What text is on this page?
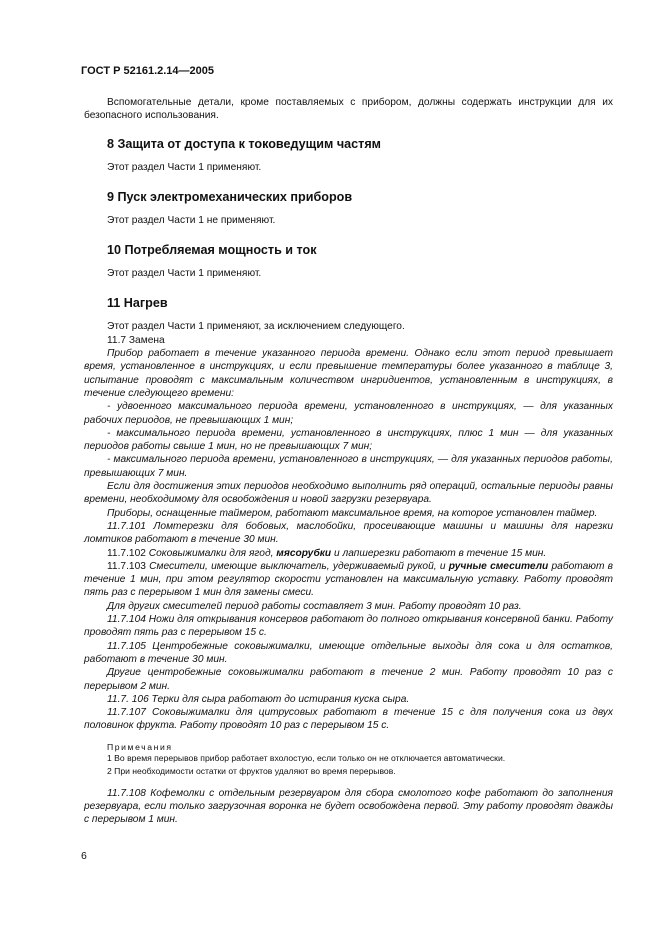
ГОСТ Р 52161.2.14—2005

Вспомогательные детали, кроме поставляемых с прибором, должны содержать инструкции для их безопасного использования.

8 Защита от доступа к токоведущим частям

Этот раздел Части 1 применяют.

9 Пуск электромеханических приборов

Этот раздел Части 1 не применяют.

10 Потребляемая мощность и ток

Этот раздел Части 1 применяют.

11 Нагрев

Этот раздел Части 1 применяют, за исключением следующего.

11.7 Замена

Прибор работает в течение указанного периода времени. Однако если этот период превышает время, установленное в инструкциях, и если превышение температуры более указанного в таблице 3, испытание проводят с максимальным количеством ингридиентов, установленным в инструкциях, в течение следующего времени:

- удвоенного максимального периода времени, установленного в инструкциях, — для указанных рабочих периодов, не превышающих 1 мин;

- максимального периода времени, установленного в инструкциях, плюс 1 мин — для указанных периодов работы свыше 1 мин, но не превышающих 7 мин;

- максимального периода времени, установленного в инструкциях, — для указанных периодов работы, превышающих 7 мин.

Если для достижения этих периодов необходимо выполнить ряд операций, остальные периоды равны времени, необходимому для освобождения и новой загрузки резервуара.

Приборы, оснащенные таймером, работают максимальное время, на которое установлен таймер.

11.7.101 Ломтерезки для бобовых, маслобойки, просеивающие машины и машины для нарезки ломтиков работают в течение 30 мин.

11.7.102 Соковыжималки для ягод, мясорубки и лапшерезки работают в течение 15 мин.

11.7.103 Смесители, имеющие выключатель, удерживаемый рукой, и ручные смесители работают в течение 1 мин, при этом регулятор скорости установлен на максимальную уставку. Работу проводят пять раз с перерывом 1 мин для замены смеси.

Для других смесителей период работы составляет 3 мин. Работу проводят 10 раз.

11.7.104 Ножи для открывания консервов работают до полного открывания консервной банки. Работу проводят пять раз с перерывом 15 с.

11.7.105 Центробежные соковыжималки, имеющие отдельные выходы для сока и для остатков, работают в течение 30 мин.

Другие центробежные соковыжималки работают в течение 2 мин. Работу проводят 10 раз с перерывом 2 мин.

11.7. 106 Терки для сыра работают до истирания куска сыра.

11.7.107 Соковыжималки для цитрусовых работают в течение 15 с для получения сока из двух половинок фрукта. Работу проводят 10 раз с перерывом 15 с.

Примечания

1 Во время перерывов прибор работает вхолостую, если только он не отключается автоматически.

2 При необходимости остатки от фруктов удаляют во время перерывов.

11.7.108 Кофемолки с отдельным резервуаром для сбора смолотого кофе работают до заполнения резервуара, если только загрузочная воронка не будет освобождена первой. Эту работу проводят дважды с перерывом 1 мин.

6
